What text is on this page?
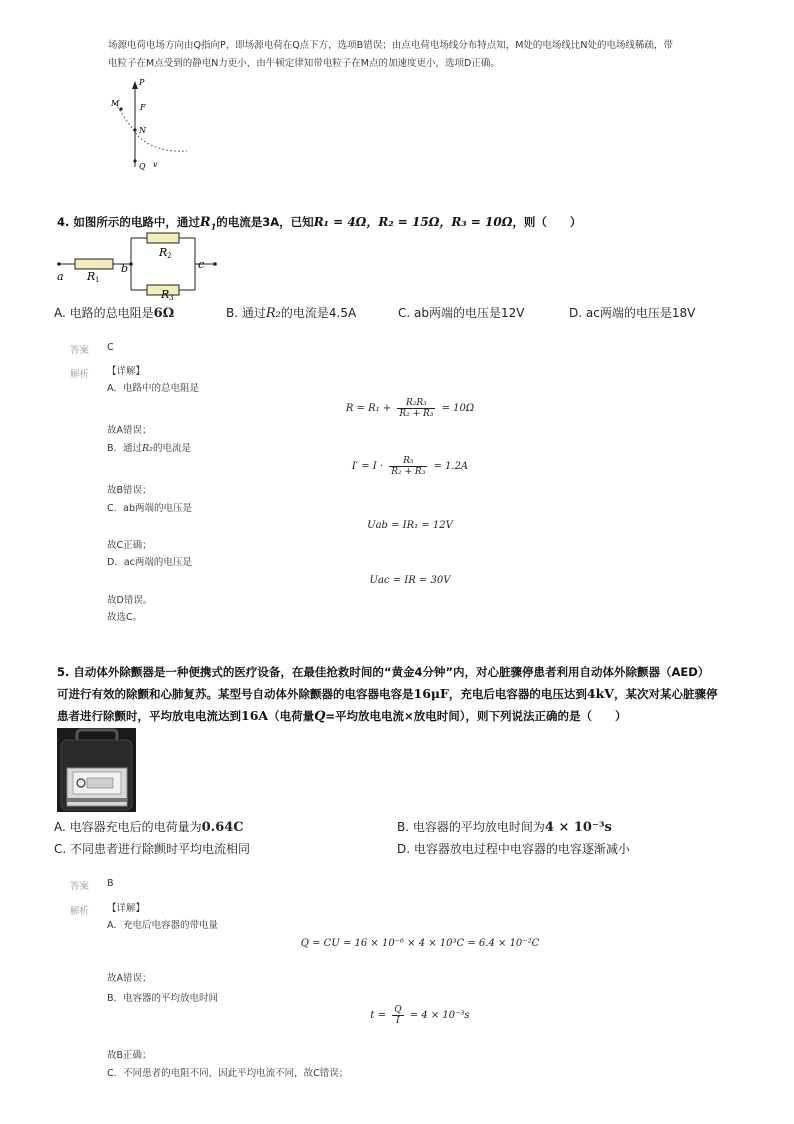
场源电荷电场方向由Q指向P，即场源电荷在Q点下方，选项B错误；由点电荷电场线分布特点知，M处的电场线比N处的电场线稀疏，带
电粒子在M点受到的静电N力更小，由牛顿定律知带电粒子在M点的加速度更小，选项D正确。
P
M	F
N
Q v
4. 如图所示的电路中，通过$R_1$的电流是3A，已知R₁ = 4Ω，R₂ = 15Ω，R₃ = 10Ω，则（　　）
a
b	c
R 1
R 2
R 3
A. 电路的总电阻是6Ω	B. 通过R₂的电流是4.5A	C. ab两端的电压是12V	D. ac两端的电压是18V
答案 C
解析 【详解】
A．电路中的总电阻是
$R = R_1 + \frac{\text{R₂R₃}}{\text{R₂ + R₃}} = 10\Omega$
故A错误；
B．通过R₂的电流是
$I' = I \cdot \frac{\text{R₃}}{\text{R₂ + R₃}} = 1.2A$
故B错误；
C．ab两端的电压是
Uab = IR₁ = 12V
故C正确；
D．ac两端的电压是
Uac = IR = 30V
故D错误。
故选C。
5. 自动体外除颤器是一种便携式的医疗设备，在最佳抢救时间的“黄金4分钟”内，对心脏骤停患者利用自动体外除颤器（AED）
可进行有效的除颤和心肺复苏。某型号自动体外除颤器的电容器电容是16μF，充电后电容器的电压达到4kV，某次对某心脏骤停
患者进行除颤时，平均放电电流达到16A（电荷量Q=平均放电电流×放电时间），则下列说法正确的是（　　）
A. 电容器充电后的电荷量为0.64C	B. 电容器的平均放电时间为4 × 10⁻³s
C. 不同患者进行除颤时平均电流相同	D. 电容器放电过程中电容器的电容逐渐减小
答案 B
解析 【详解】
A．充电后电容器的带电量
Q = CU = 16 × 10⁻⁶ × 4 × 10³C = 6.4 × 10⁻²C
故A错误；
B．电容器的平均放电时间
$t = \frac{Q}{I} = 4 \times 10^{-3}s$
故B正确；
C．不同患者的电阻不同，因此平均电流不同，故C错误；
